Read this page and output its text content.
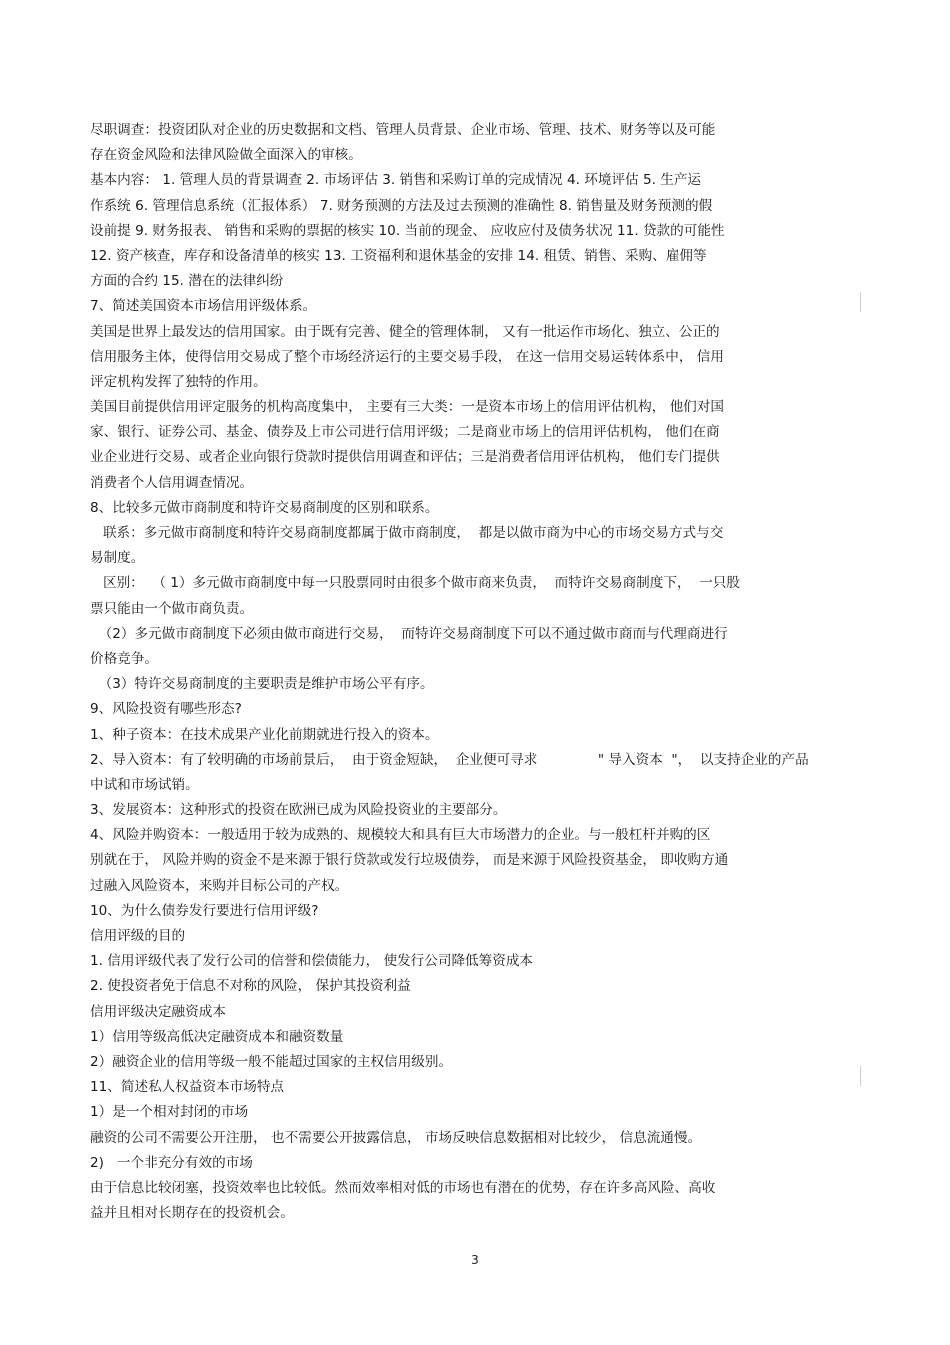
尽职调查：投资团队对企业的历史数据和文档、管理人员背景、企业市场、管理、技术、财务等以及可能
存在资金风险和法律风险做全面深入的审核。
基本内容： 1. 管理人员的背景调查 2. 市场评估 3. 销售和采购订单的完成情况 4. 环境评估 5. 生产运
作系统 6. 管理信息系统（汇报体系） 7. 财务预测的方法及过去预测的准确性 8. 销售量及财务预测的假
设前提 9. 财务报表、 销售和采购的票据的核实 10. 当前的现金、 应收应付及债务状况 11. 贷款的可能性
12. 资产核查，库存和设备清单的核实 13. 工资福利和退休基金的安排 14. 租赁、销售、采购、雇佣等
方面的合约 15. 潜在的法律纠纷
7、简述美国资本市场信用评级体系。
美国是世界上最发达的信用国家。由于既有完善、健全的管理体制， 又有一批运作市场化、独立、公正的
信用服务主体，使得信用交易成了整个市场经济运行的主要交易手段， 在这一信用交易运转体系中， 信用
评定机构发挥了独特的作用。
美国目前提供信用评定服务的机构高度集中， 主要有三大类：一是资本市场上的信用评估机构， 他们对国
家、银行、证券公司、基金、债券及上市公司进行信用评级；二是商业市场上的信用评估机构， 他们在商
业企业进行交易、或者企业向银行贷款时提供信用调查和评估；三是消费者信用评估机构， 他们专门提供
消费者个人信用调查情况。
8、比较多元做市商制度和特许交易商制度的区别和联系。
联系：多元做市商制度和特许交易商制度都属于做市商制度，  都是以做市商为中心的市场交易方式与交
易制度。
区别：  （ 1）多元做市商制度中每一只股票同时由很多个做市商来负责，  而特许交易商制度下，  一只股
票只能由一个做市商负责。
（2）多元做市商制度下必须由做市商进行交易，  而特许交易商制度下可以不通过做市商而与代理商进行
价格竞争。
（3）特许交易商制度的主要职责是维护市场公平有序。
9、风险投资有哪些形态?
1、种子资本：在技术成果产业化前期就进行投入的资本。
2、导入资本：有了较明确的市场前景后，  由于资金短缺，  企业便可寻求              " 导入资本  "，  以支持企业的产品
中试和市场试销。
3、发展资本：这种形式的投资在欧洲已成为风险投资业的主要部分。
4、风险并购资本：一般适用于较为成熟的、规模较大和具有巨大市场潜力的企业。与一般杠杆并购的区
别就在于， 风险并购的资金不是来源于银行贷款或发行垃圾债券， 而是来源于风险投资基金， 即收购方通
过融入风险资本，来购并目标公司的产权。
10、为什么债券发行要进行信用评级?
信用评级的目的
1. 信用评级代表了发行公司的信誉和偿债能力， 使发行公司降低筹资成本
2. 使投资者免于信息不对称的风险， 保护其投资利益
信用评级决定融资成本
1）信用等级高低决定融资成本和融资数量
2）融资企业的信用等级一般不能超过国家的主权信用级别。
11、简述私人权益资本市场特点
1）是一个相对封闭的市场
融资的公司不需要公开注册， 也不需要公开披露信息， 市场反映信息数据相对比较少， 信息流通慢。
2)   一个非充分有效的市场
由于信息比较闭塞，投资效率也比较低。然而效率相对低的市场也有潜在的优势，存在许多高风险、高收
益并且相对长期存在的投资机会。
3
